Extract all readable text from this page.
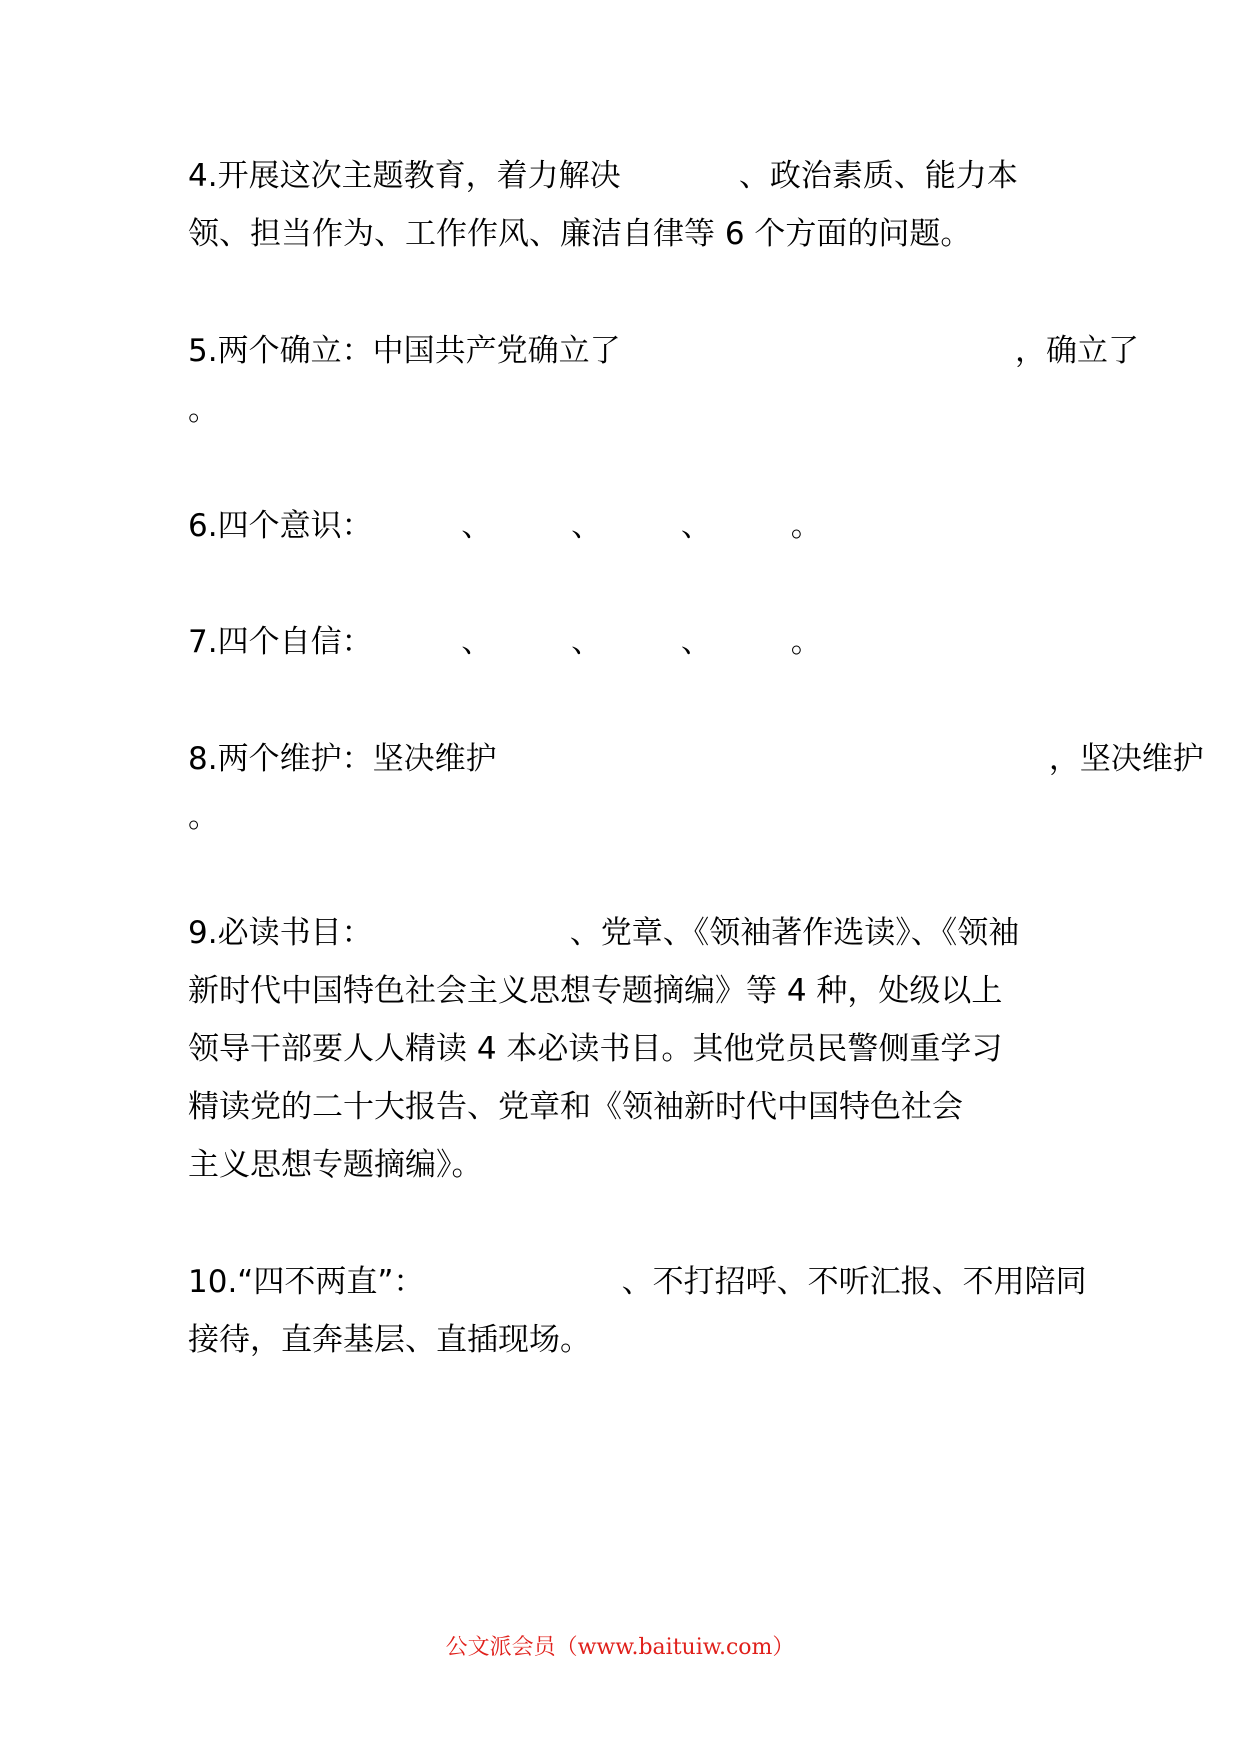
4.开展这次主题教育，着力解决	、政治素质、能力本
领、担当作为、工作作风、廉洁自律等 6 个方面的问题。
5.两个确立：中国共产党确立了	，确立了
。
6.四个意识：         、        、        、        。
7.四个自信：         、        、        、        。
8.两个维护：坚决维护	，坚决维护
。
9.必读书目：	、党章、《领袖著作选读》、《领袖
新时代中国特色社会主义思想专题摘编》等 4 种，处级以上
领导干部要人人精读 4 本必读书目。其他党员民警侧重学习
精读党的二十大报告、党章和《领袖新时代中国特色社会
主义思想专题摘编》。
10.“四不两直”：	、不打招呼、不听汇报、不用陪同
接待，直奔基层、直插现场。
公文派会员（www.baituiw.com）
